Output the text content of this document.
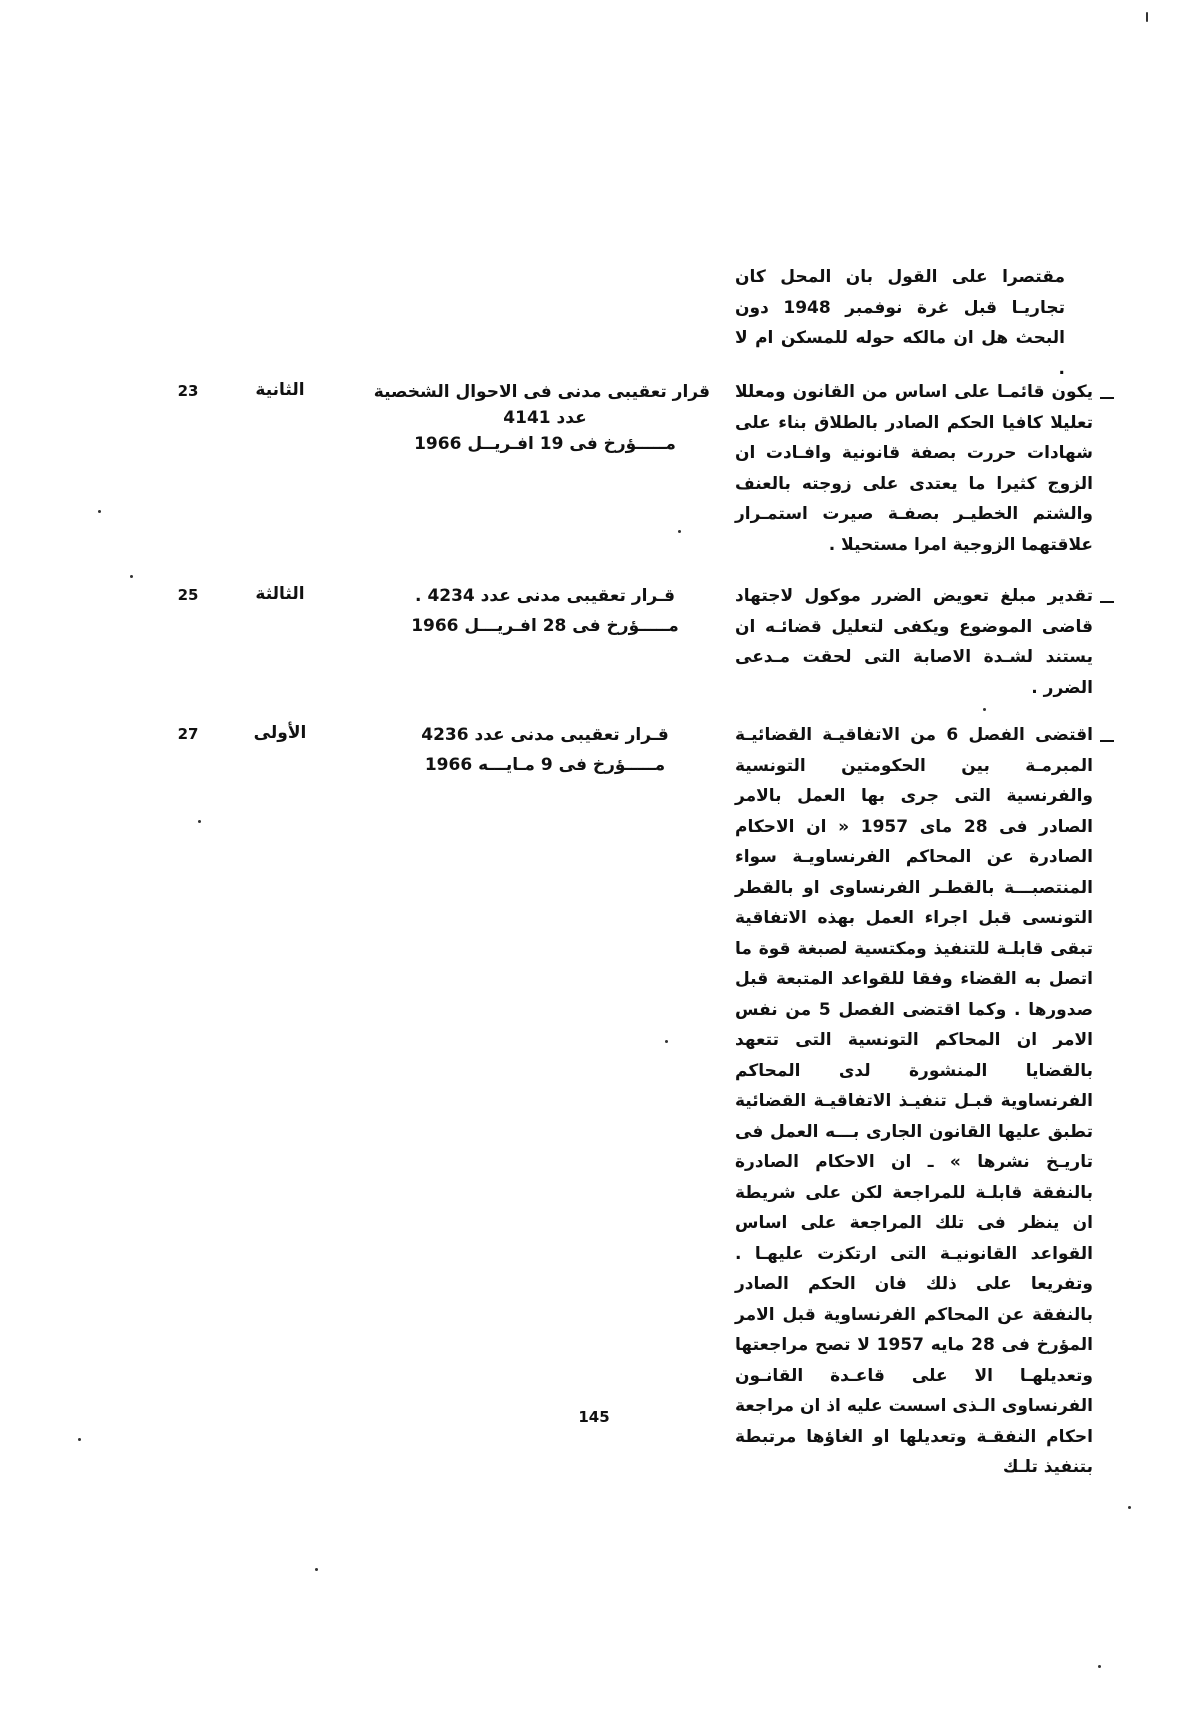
مقتصرا على القول بان المحل كان تجاريـا قبل غرة نوفمبر 1948 دون البحث هل ان مالكه حوله للمسكن ام لا .
يكون قائمـا على اساس من القانون ومعللا تعليلا كافيا الحكم الصادر بالطلاق بناء على شهادات حررت بصفة قانونية وافـادت ان الزوج كثيرا ما يعتدى على زوجته بالعنف والشتم الخطيـر بصفـة صيرت استمـرار علاقتهما الزوجية امرا مستحيلا .
قرار تعقيبى مدنى فى الاحوال الشخصية
عدد 4141
مـــــؤرخ فى 19 افـريــل 1966
الثانية
23
تقدير مبلغ تعويض الضرر موكول لاجتهاد قاضى الموضوع ويكفى لتعليل قضائـه ان يستند لشـدة الاصابة التى لحقت مـدعى الضرر .
قـرار تعقيبى مدنى عدد 4234 .
مـــــؤرخ فى 28 افـريـــل 1966
الثالثة
25
اقتضى الفصل 6 من الاتفاقيـة القضائيـة المبرمـة بين الحكومتين التونسية والفرنسية التى جرى بها العمل بالامر الصادر فى 28 ماى 1957 « ان الاحكام الصادرة عن المحاكم الفرنساويـة سواء المنتصبـــة بالقطـر الفرنساوى او بالقطر التونسى قبل اجراء العمل بهذه الاتفاقية تبقى قابلـة للتنفيذ ومكتسية لصبغة قوة ما اتصل به القضاء وفقا للقواعد المتبعة قبل صدورها . وكما اقتضى الفصل 5 من نفس الامر ان المحاكم التونسية التى تتعهد بالقضايا المنشورة لدى المحاكم الفرنساوية قبـل تنفيـذ الاتفاقيـة القضائية تطبق عليها القانون الجارى بـــه العمل فى تاريـخ نشرها » ـ ان الاحكام الصادرة بالنفقة قابلـة للمراجعة لكن على شريطة ان ينظر فى تلك المراجعة على اساس القواعد القانونيـة التى ارتكزت عليهـا . وتفريعا على ذلك فان الحكم الصادر بالنفقة عن المحاكم الفرنساوية قبل الامر المؤرخ فى 28 مايه 1957 لا تصح مراجعتها وتعديلهـا الا على قاعـدة القانـون الفرنساوى الـذى اسست عليه اذ ان مراجعة احكام النفقـة وتعديلها او الغاؤها مرتبطة بتنفيذ تلـك
قـرار تعقيبى مدنى عدد 4236
مـــــؤرخ فى 9 مـايـــه 1966
الأولى
27
145
